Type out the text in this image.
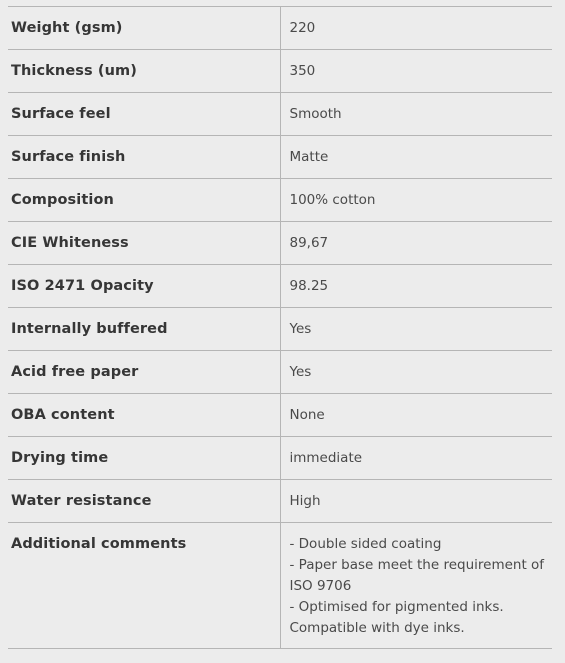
Weight (gsm)	220
Thickness (um)	350
Surface feel	Smooth
Surface finish	Matte
Composition	100% cotton
CIE Whiteness	89,67
ISO 2471 Opacity	98.25
Internally buffered	Yes
Acid free paper	Yes
OBA content	None
Drying time	immediate
Water resistance	High
Additional comments	- Double sided coating
- Paper base meet the requirement of
ISO 9706
- Optimised for pigmented inks.
Compatible with dye inks.
